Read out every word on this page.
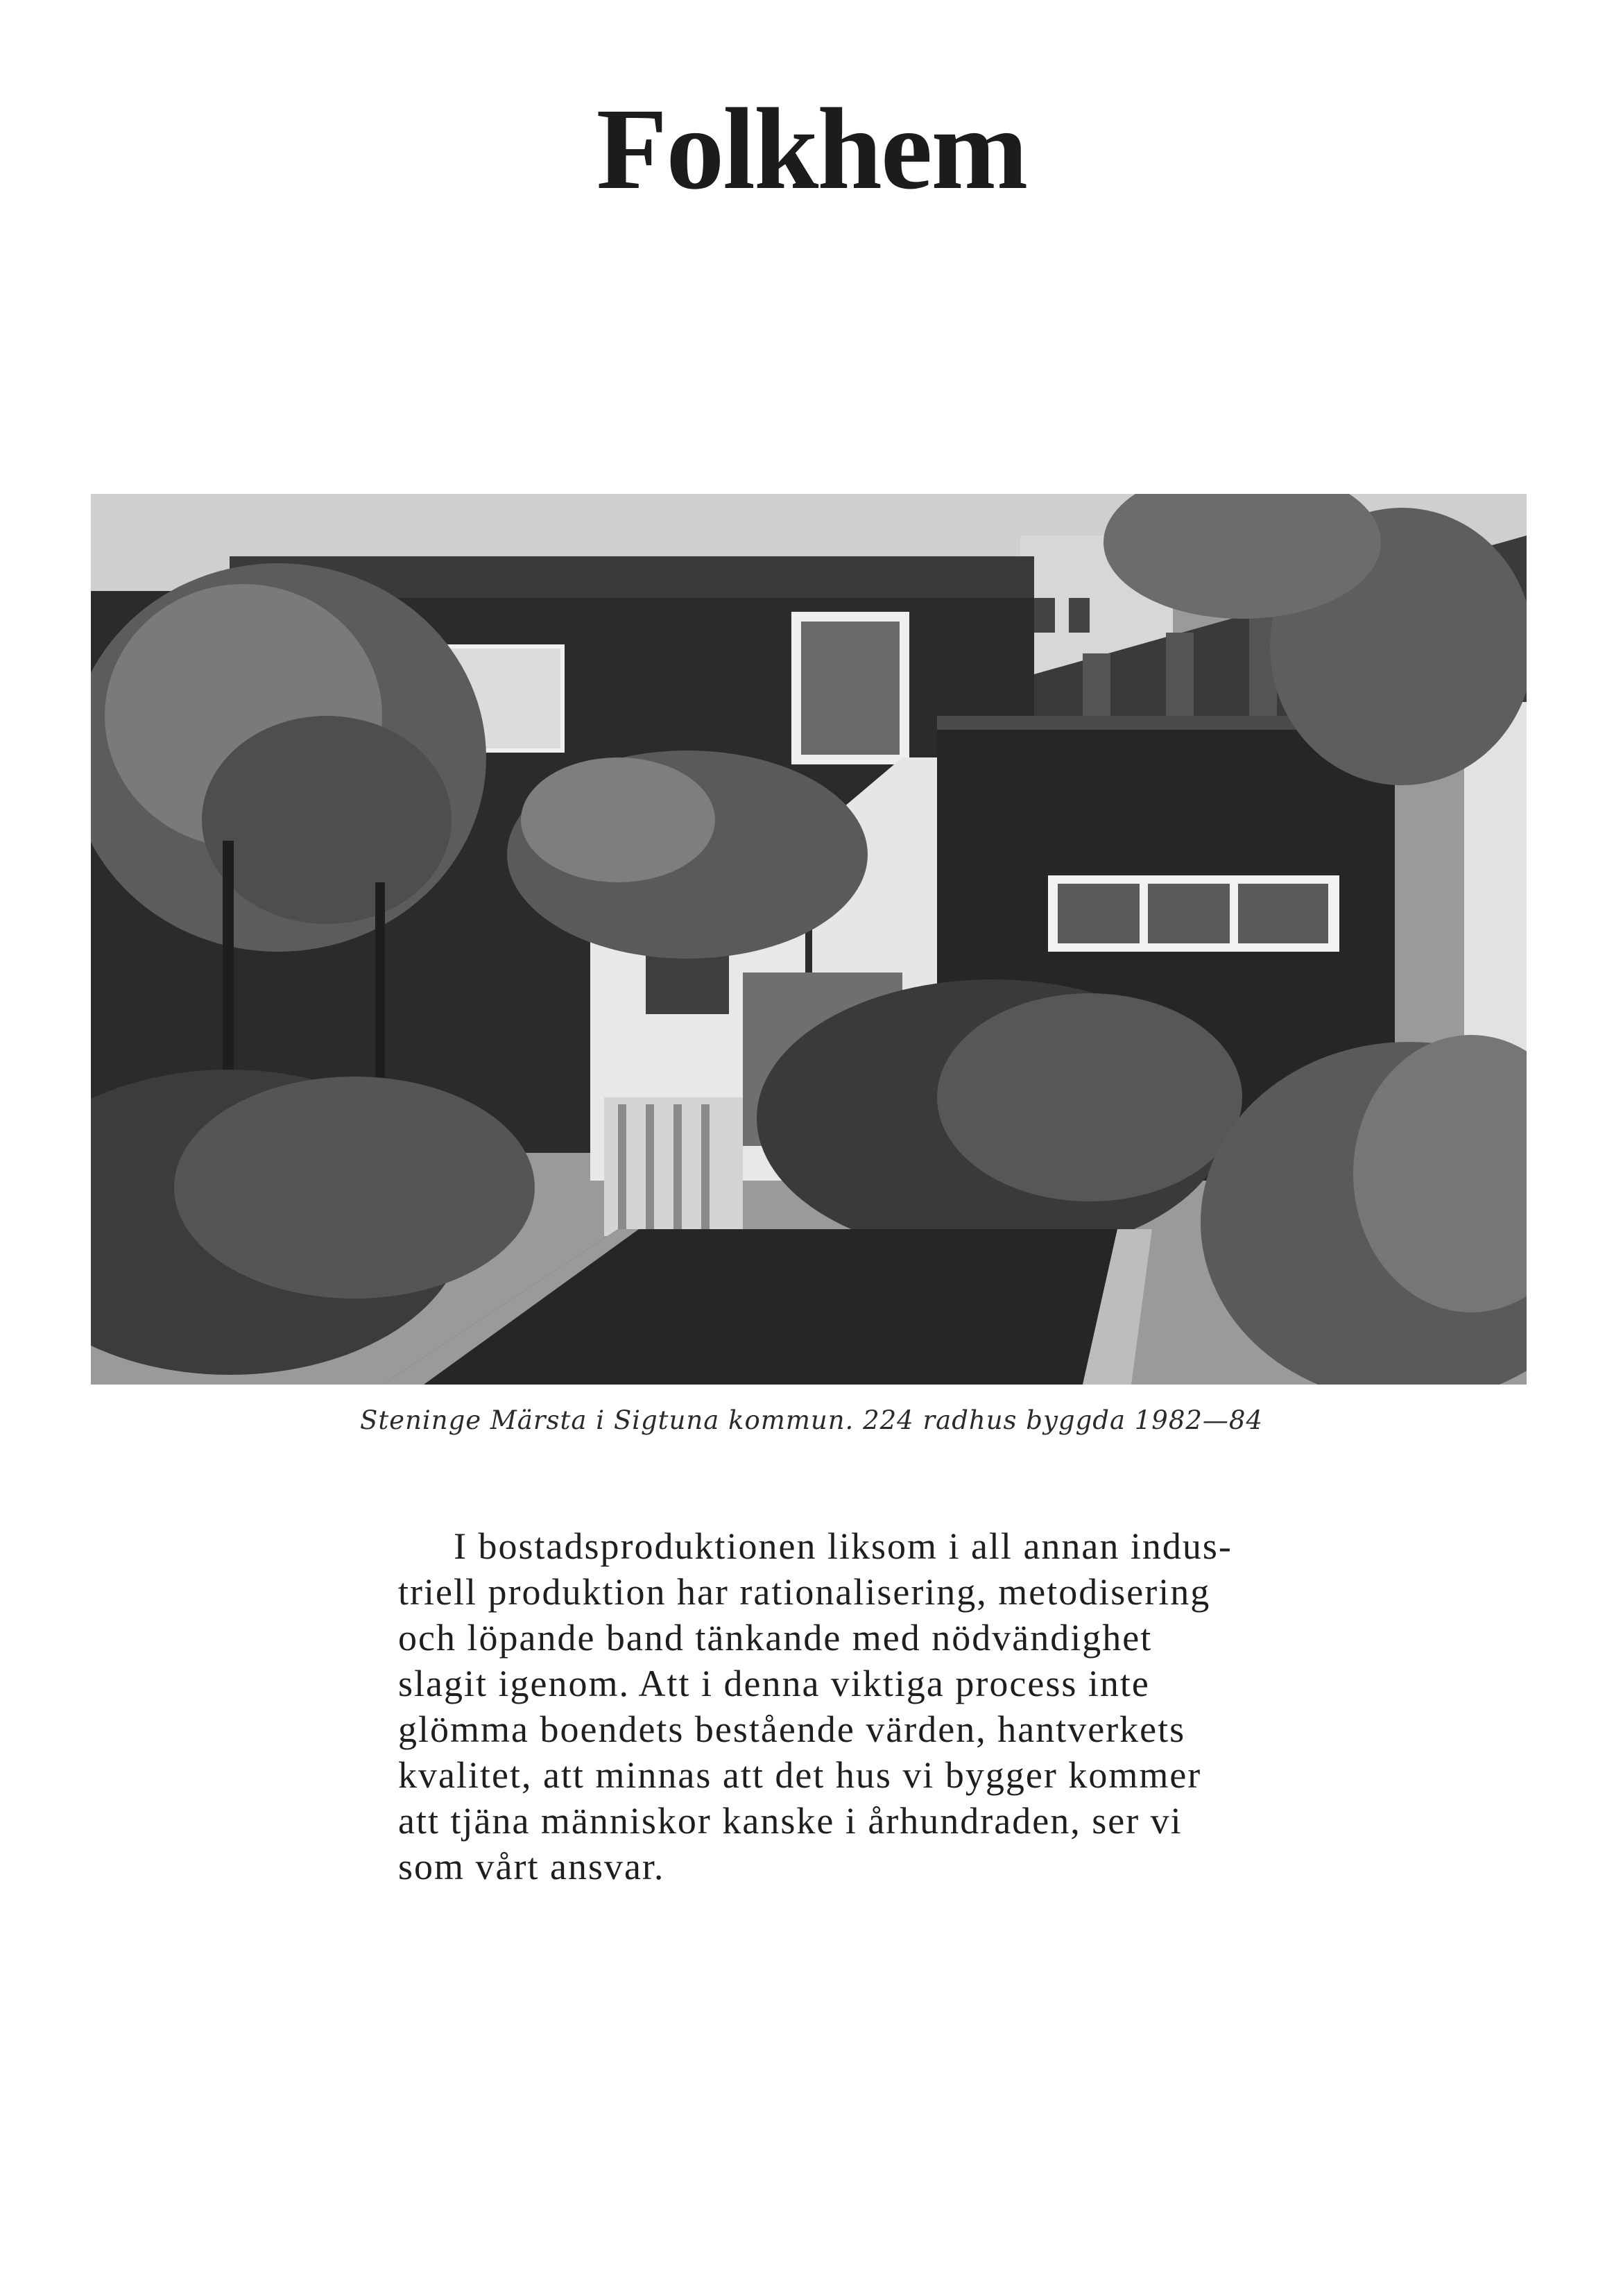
Folkhem
Steninge Märsta i Sigtuna kommun. 224 radhus byggda 1982—84
I bostadsproduktionen liksom i all annan indus-
triell produktion har rationalisering, metodisering
och löpande band tänkande med nödvändighet
slagit igenom. Att i denna viktiga process inte
glömma boendets bestående värden, hantverkets
kvalitet, att minnas att det hus vi bygger kommer
att tjäna människor kanske i århundraden, ser vi
som vårt ansvar.
